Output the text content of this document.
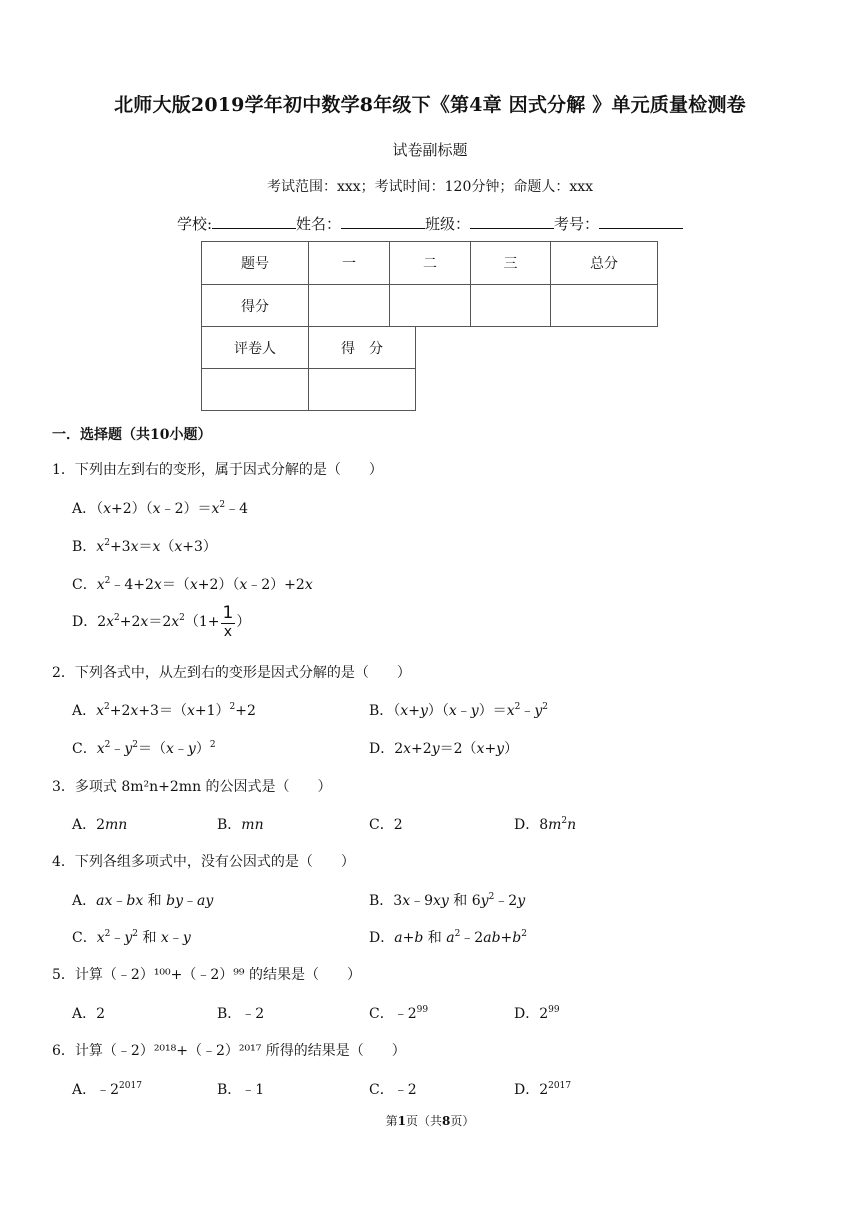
北师大版2019学年初中数学8年级下《第4章 因式分解 》单元质量检测卷
试卷副标题
考试范围：xxx；考试时间：120分钟；命题人：xxx
学校:	姓名：	班级：	考号：
题号	一	二	三	总分
得分				
评卷人	得　分

一．选择题（共10小题）
1．下列由左到右的变形，属于因式分解的是（　　）
A．$(x+2)(x﹣2)=x^2﹣4$
B．$x^2+3x=x(x+3)$
C．$x^2﹣4+2x=(x+2)(x﹣2)+2x$
D．$2x^2+2x=2x^2(1+ \frac{1}{x}$ ）
2．下列各式中，从左到右的变形是因式分解的是（　　）
A．$x^2+2x+3=(x+1)^2+2$	B．$(x+y)(x﹣y)=x^2﹣y^2$
C．$x^2﹣y^2=(x﹣y)^2$	D．2x+2y＝2（x+y）
3．多项式 8m²n+2mn 的公因式是（　　）
A．2mn	B．mn	C．2	D．$8m^2n$
4．下列各组多项式中，没有公因式的是（　　）
A．ax﹣bx 和 by﹣ay	B．3x﹣9xy 和 $6y^2﹣2y$
C．$x^2﹣y^2$ 和 x﹣y	D．a+b 和 $a^2﹣2ab+b^2$
5．计算（﹣2）¹⁰⁰+（﹣2）⁹⁹ 的结果是（　　）
A．2	B．﹣2	C．$﹣2^{99}$	D．$2^{99}$
6．计算（﹣2）²⁰¹⁸+（﹣2）²⁰¹⁷ 所得的结果是（　　）
A．$﹣2^{2017}$	B．﹣1	C．﹣2	D．$2^{2017}$
第1页（共8页）
